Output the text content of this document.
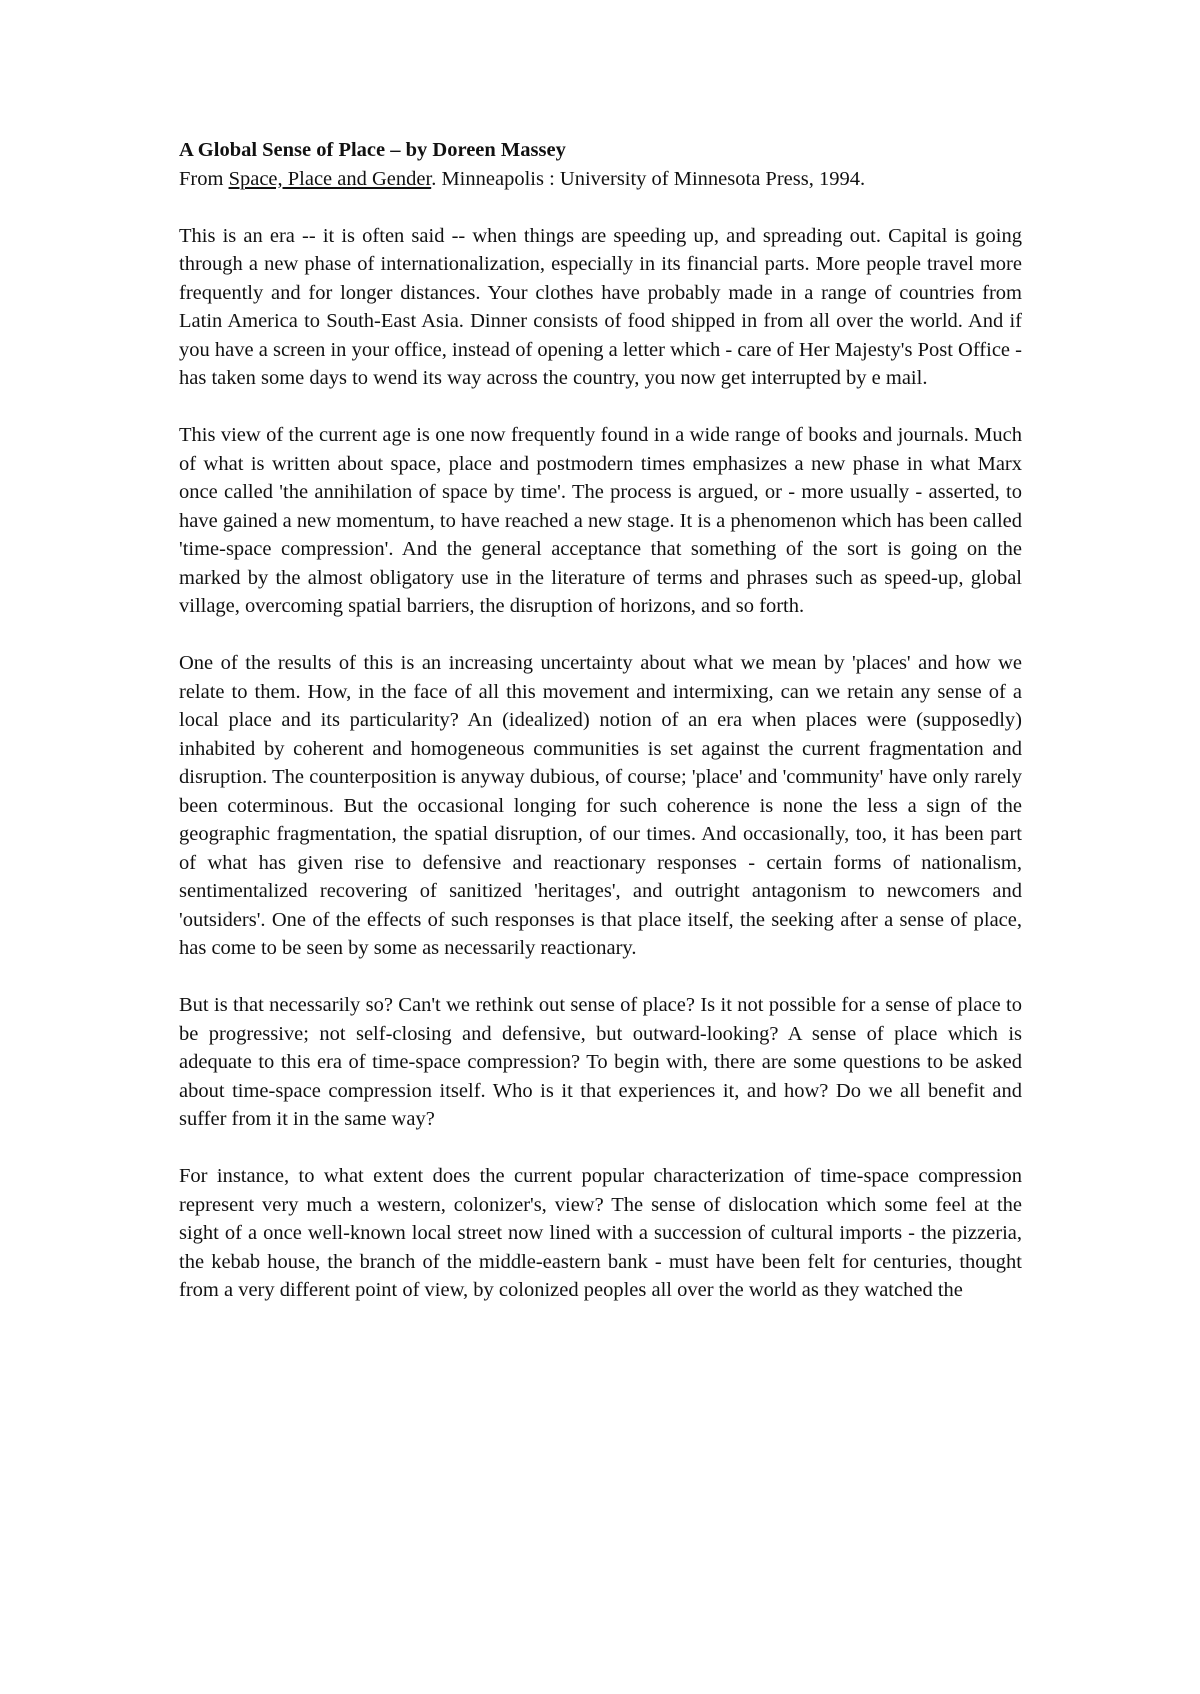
A Global Sense of Place – by Doreen Massey
From Space, Place and Gender. Minneapolis : University of Minnesota Press, 1994.

This is an era -- it is often said -- when things are speeding up, and spreading out. Capital is going through a new phase of internationalization, especially in its financial parts. More people travel more frequently and for longer distances. Your clothes have probably made in a range of countries from Latin America to South-East Asia. Dinner consists of food shipped in from all over the world. And if you have a screen in your office, instead of opening a letter which - care of Her Majesty's Post Office - has taken some days to wend its way across the country, you now get interrupted by e mail.

This view of the current age is one now frequently found in a wide range of books and journals. Much of what is written about space, place and postmodern times emphasizes a new phase in what Marx once called 'the annihilation of space by time'. The process is argued, or - more usually - asserted, to have gained a new momentum, to have reached a new stage. It is a phenomenon which has been called 'time-space compression'. And the general acceptance that something of the sort is going on the marked by the almost obligatory use in the literature of terms and phrases such as speed-up, global village, overcoming spatial barriers, the disruption of horizons, and so forth.

One of the results of this is an increasing uncertainty about what we mean by 'places' and how we relate to them. How, in the face of all this movement and intermixing, can we retain any sense of a local place and its particularity? An (idealized) notion of an era when places were (supposedly) inhabited by coherent and homogeneous communities is set against the current fragmentation and disruption. The counterposition is anyway dubious, of course; 'place' and 'community' have only rarely been coterminous. But the occasional longing for such coherence is none the less a sign of the geographic fragmentation, the spatial disruption, of our times. And occasionally, too, it has been part of what has given rise to defensive and reactionary responses - certain forms of nationalism, sentimentalized recovering of sanitized 'heritages', and outright antagonism to newcomers and 'outsiders'. One of the effects of such responses is that place itself, the seeking after a sense of place, has come to be seen by some as necessarily reactionary.

But is that necessarily so? Can't we rethink out sense of place? Is it not possible for a sense of place to be progressive; not self-closing and defensive, but outward-looking? A sense of place which is adequate to this era of time-space compression? To begin with, there are some questions to be asked about time-space compression itself. Who is it that experiences it, and how? Do we all benefit and suffer from it in the same way?

For instance, to what extent does the current popular characterization of time-space compression represent very much a western, colonizer's, view? The sense of dislocation which some feel at the sight of a once well-known local street now lined with a succession of cultural imports - the pizzeria, the kebab house, the branch of the middle-eastern bank - must have been felt for centuries, thought from a very different point of view, by colonized peoples all over the world as they watched the
